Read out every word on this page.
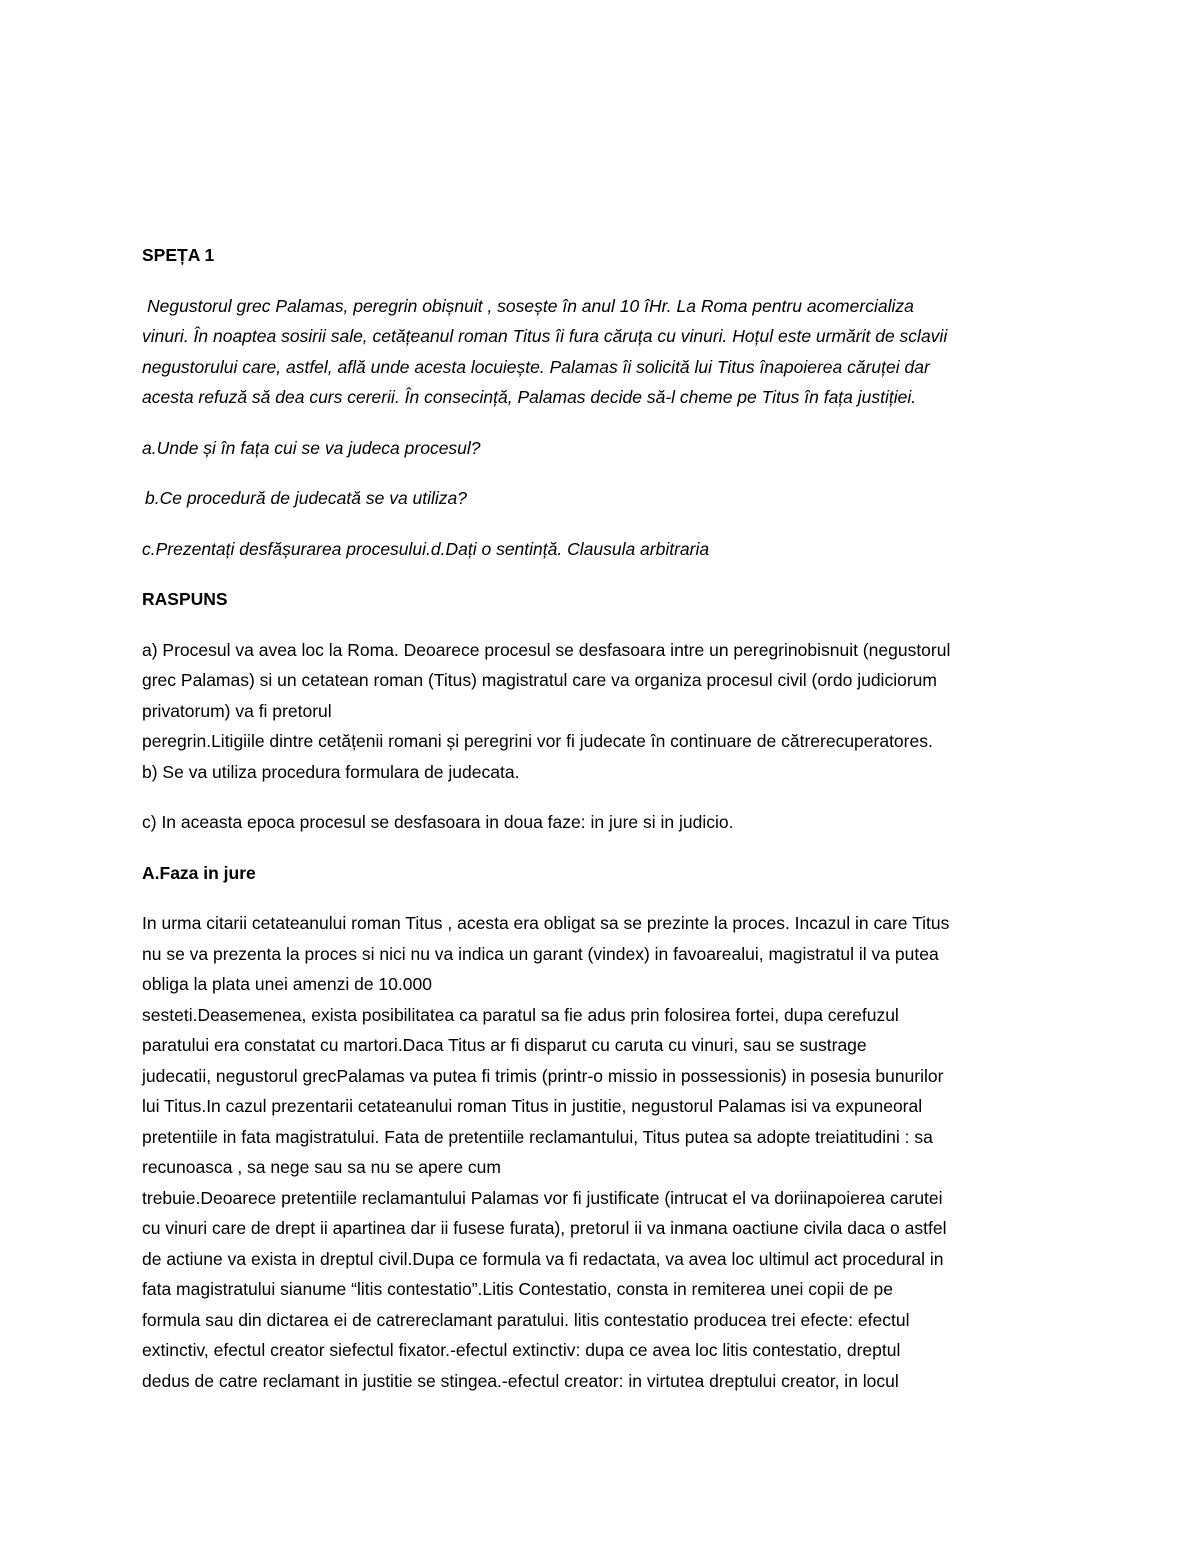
SPEȚA 1

Negustorul grec Palamas, peregrin obișnuit , sosește în anul 10 îHr. La Roma pentru acomercializa
vinuri. În noaptea sosirii sale, cetățeanul roman Titus îi fura căruța cu vinuri. Hoțul este urmărit de sclavii
negustorului care, astfel, află unde acesta locuiește. Palamas îi solicită lui Titus înapoierea căruței dar
acesta refuză să dea curs cererii. În consecință, Palamas decide să-l cheme pe Titus în fața justiției.

a.Unde și în fața cui se va judeca procesul?

b.Ce procedură de judecată se va utiliza?

c.Prezentați desfășurarea procesului.d.Dați o sentință. Clausula arbitraria

RASPUNS

a) Procesul va avea loc la Roma. Deoarece procesul se desfasoara intre un peregrinobisnuit (negustorul
grec Palamas) si un cetatean roman (Titus) magistratul care va organiza procesul civil (ordo judiciorum
privatorum) va fi pretorul
peregrin.Litigiile dintre cetățenii romani și peregrini vor fi judecate în continuare de cătrerecuperatores.
b) Se va utiliza procedura formulara de judecata.

c) In aceasta epoca procesul se desfasoara in doua faze: in jure si in judicio.

A.Faza in jure

In urma citarii cetateanului roman Titus , acesta era obligat sa se prezinte la proces. Incazul in care Titus
nu se va prezenta la proces si nici nu va indica un garant (vindex) in favoarealui, magistratul il va putea
obliga la plata unei amenzi de 10.000
sesteti.Deasemenea, exista posibilitatea ca paratul sa fie adus prin folosirea fortei, dupa cerefuzul
paratului era constatat cu martori.Daca Titus ar fi disparut cu caruta cu vinuri, sau se sustrage
judecatii, negustorul grecPalamas va putea fi trimis (printr-o missio in possessionis) in posesia bunurilor
lui Titus.In cazul prezentarii cetateanului roman Titus in justitie, negustorul Palamas isi va expuneoral
pretentiile in fata magistratului. Fata de pretentiile reclamantului, Titus putea sa adopte treiatitudini : sa
recunoasca , sa nege sau sa nu se apere cum
trebuie.Deoarece pretentiile reclamantului Palamas vor fi justificate (intrucat el va doriinapoierea carutei
cu vinuri care de drept ii apartinea dar ii fusese furata), pretorul ii va inmana oactiune civila daca o astfel
de actiune va exista in dreptul civil.Dupa ce formula va fi redactata, va avea loc ultimul act procedural in
fata magistratului sianume “litis contestatio”.Litis Contestatio, consta in remiterea unei copii de pe
formula sau din dictarea ei de catrereclamant paratului. litis contestatio producea trei efecte: efectul
extinctiv, efectul creator siefectul fixator.-efectul extinctiv: dupa ce avea loc litis contestatio, dreptul
dedus de catre reclamant in justitie se stingea.-efectul creator: in virtutea dreptului creator, in locul
